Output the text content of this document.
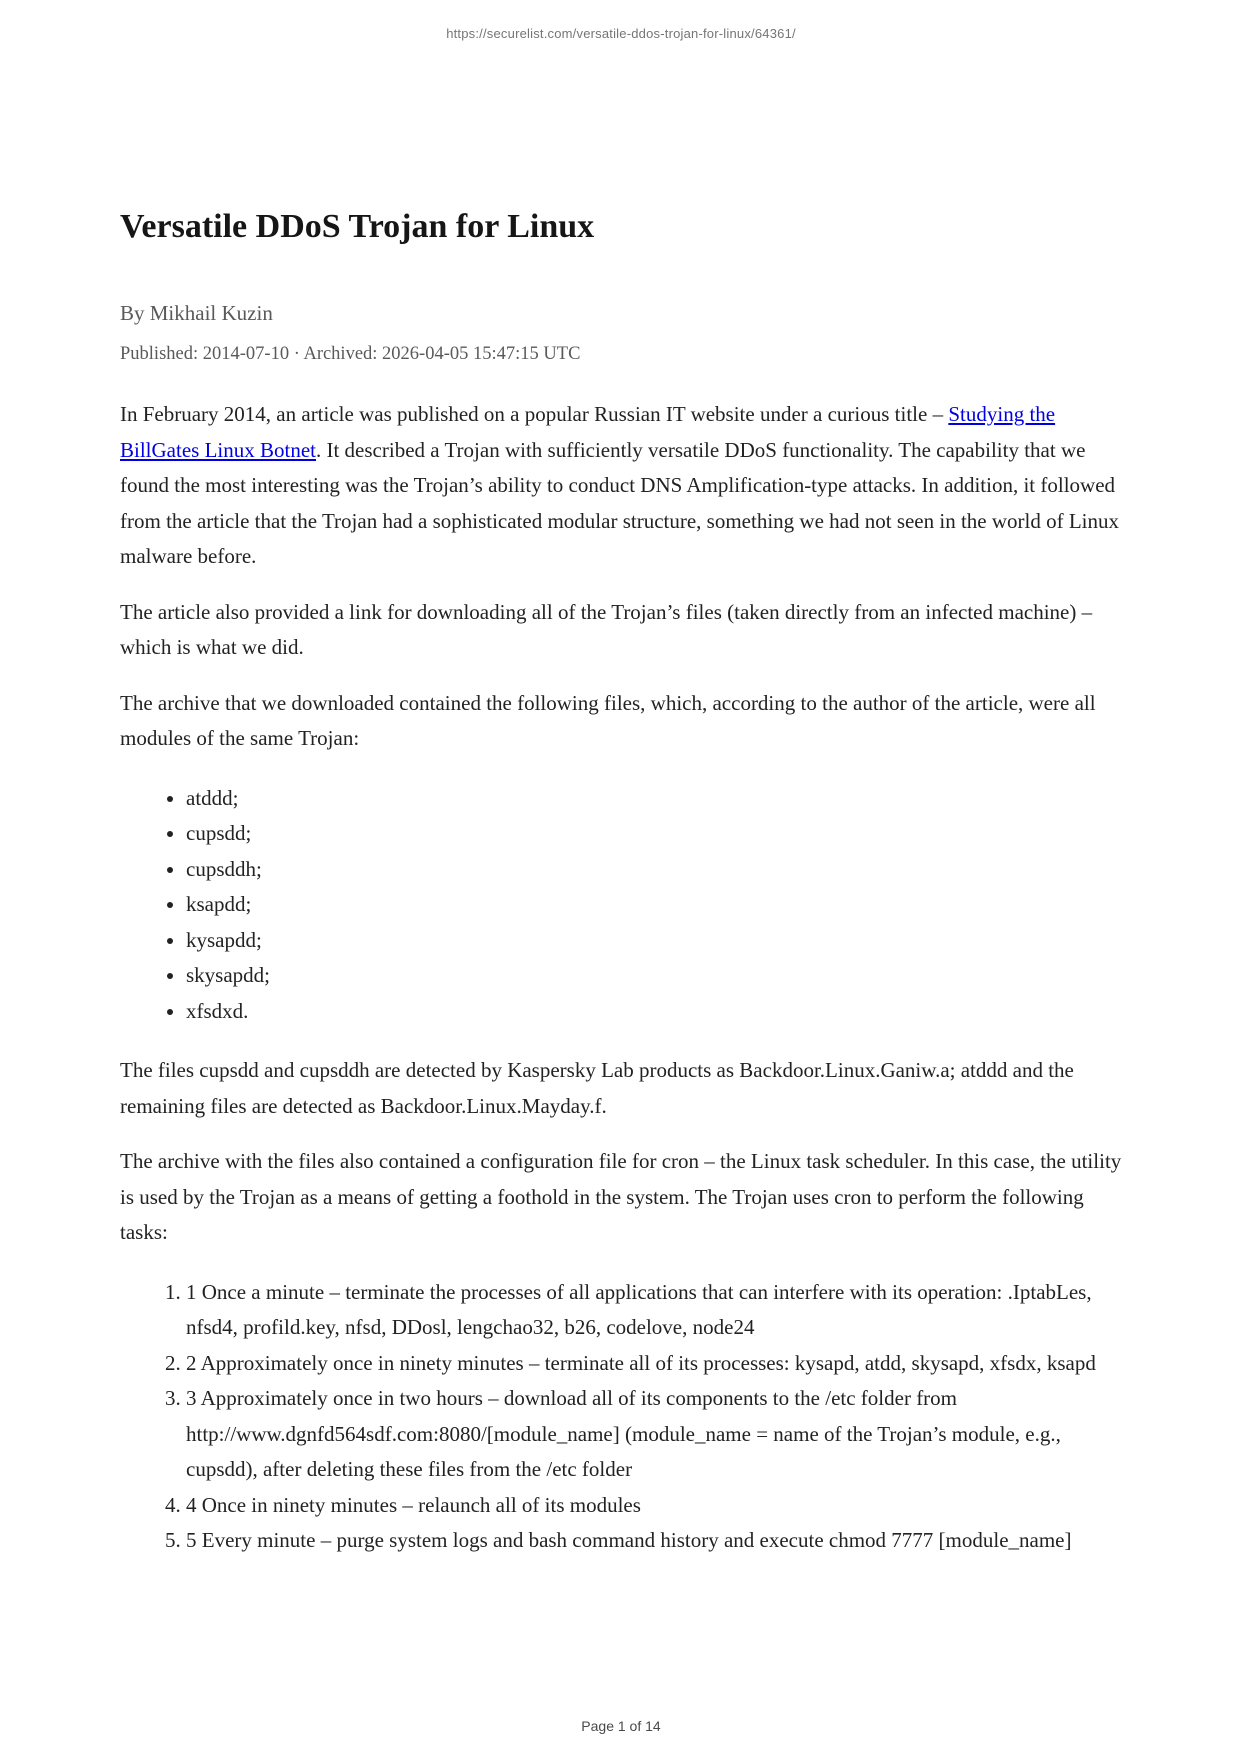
https://securelist.com/versatile-ddos-trojan-for-linux/64361/
Versatile DDoS Trojan for Linux

By Mikhail Kuzin

Published: 2014-07-10 · Archived: 2026-04-05 15:47:15 UTC

In February 2014, an article was published on a popular Russian IT website under a curious title – Studying the BillGates Linux Botnet. It described a Trojan with sufficiently versatile DDoS functionality. The capability that we found the most interesting was the Trojan’s ability to conduct DNS Amplification-type attacks. In addition, it followed from the article that the Trojan had a sophisticated modular structure, something we had not seen in the world of Linux malware before.

The article also provided a link for downloading all of the Trojan’s files (taken directly from an infected machine) – which is what we did.

The archive that we downloaded contained the following files, which, according to the author of the article, were all modules of the same Trojan:

• atddd;
• cupsdd;
• cupsddh;
• ksapdd;
• kysapdd;
• skysapdd;
• xfsdxd.

The files cupsdd and cupsddh are detected by Kaspersky Lab products as Backdoor.Linux.Ganiw.a; atddd and the remaining files are detected as Backdoor.Linux.Mayday.f.

The archive with the files also contained a configuration file for cron – the Linux task scheduler. In this case, the utility is used by the Trojan as a means of getting a foothold in the system. The Trojan uses cron to perform the following tasks:

1. 1 Once a minute – terminate the processes of all applications that can interfere with its operation: .IptabLes, nfsd4, profild.key, nfsd, DDosl, lengchao32, b26, codelove, node24
2. 2 Approximately once in ninety minutes – terminate all of its processes: kysapd, atdd, skysapd, xfsdx, ksapd
3. 3 Approximately once in two hours – download all of its components to the /etc folder from http://www.dgnfd564sdf.com:8080/[module_name] (module_name = name of the Trojan’s module, e.g., cupsdd), after deleting these files from the /etc folder
4. 4 Once in ninety minutes – relaunch all of its modules
5. 5 Every minute – purge system logs and bash command history and execute chmod 7777 [module_name]
Page 1 of 14
